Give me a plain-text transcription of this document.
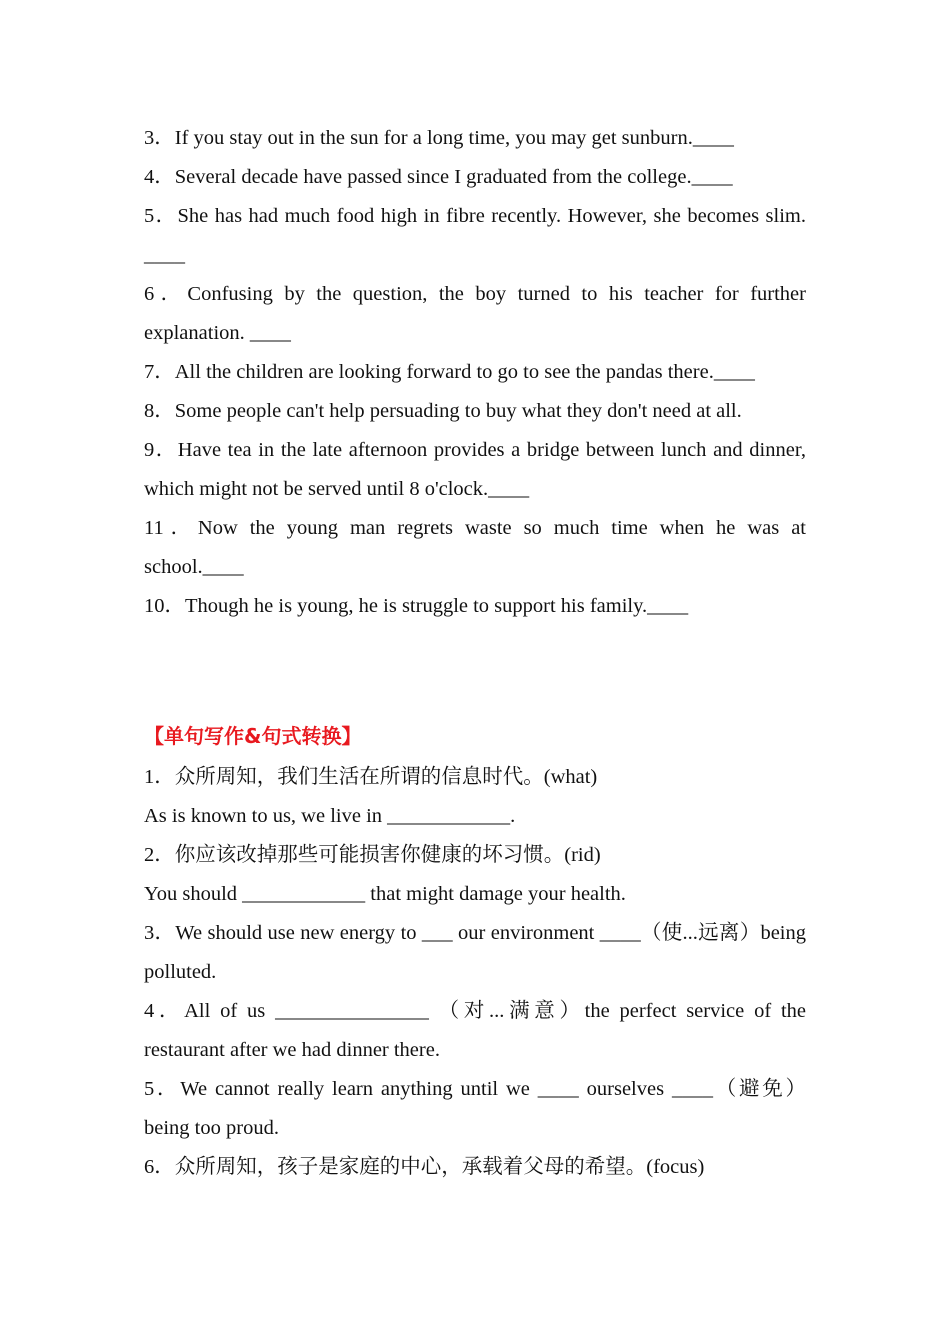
3．If you stay out in the sun for a long time, you may get sunburn.____

4．Several decade have passed since I graduated from the college.____

5．She has had much food high in fibre recently. However, she becomes slim. ____

6．Confusing by the question, the boy turned to his teacher for further explanation. ____

7．All the children are looking forward to go to see the pandas there.____

8．Some people can't help persuading to buy what they don't need at all.

9．Have tea in the late afternoon provides a bridge between lunch and dinner, which might not be served until 8 o'clock.____

11．Now the young man regrets waste so much time when he was at school.____

10．Though he is young, he is struggle to support his family.____

【单句写作&句式转换】

1．众所周知，我们生活在所谓的信息时代。(what)

As is known to us, we live in ____________.

2．你应该改掉那些可能损害你健康的坏习惯。(rid)

You should ____________ that might damage your health.

3．We should use new energy to ___ our environment ____（使...远离）being polluted.

4．All of us _______________ （对...满意）the perfect service of the restaurant after we had dinner there.

5．We cannot really learn anything until we ____ ourselves ____（避免）being too proud.

6．众所周知，孩子是家庭的中心，承载着父母的希望。(focus)
